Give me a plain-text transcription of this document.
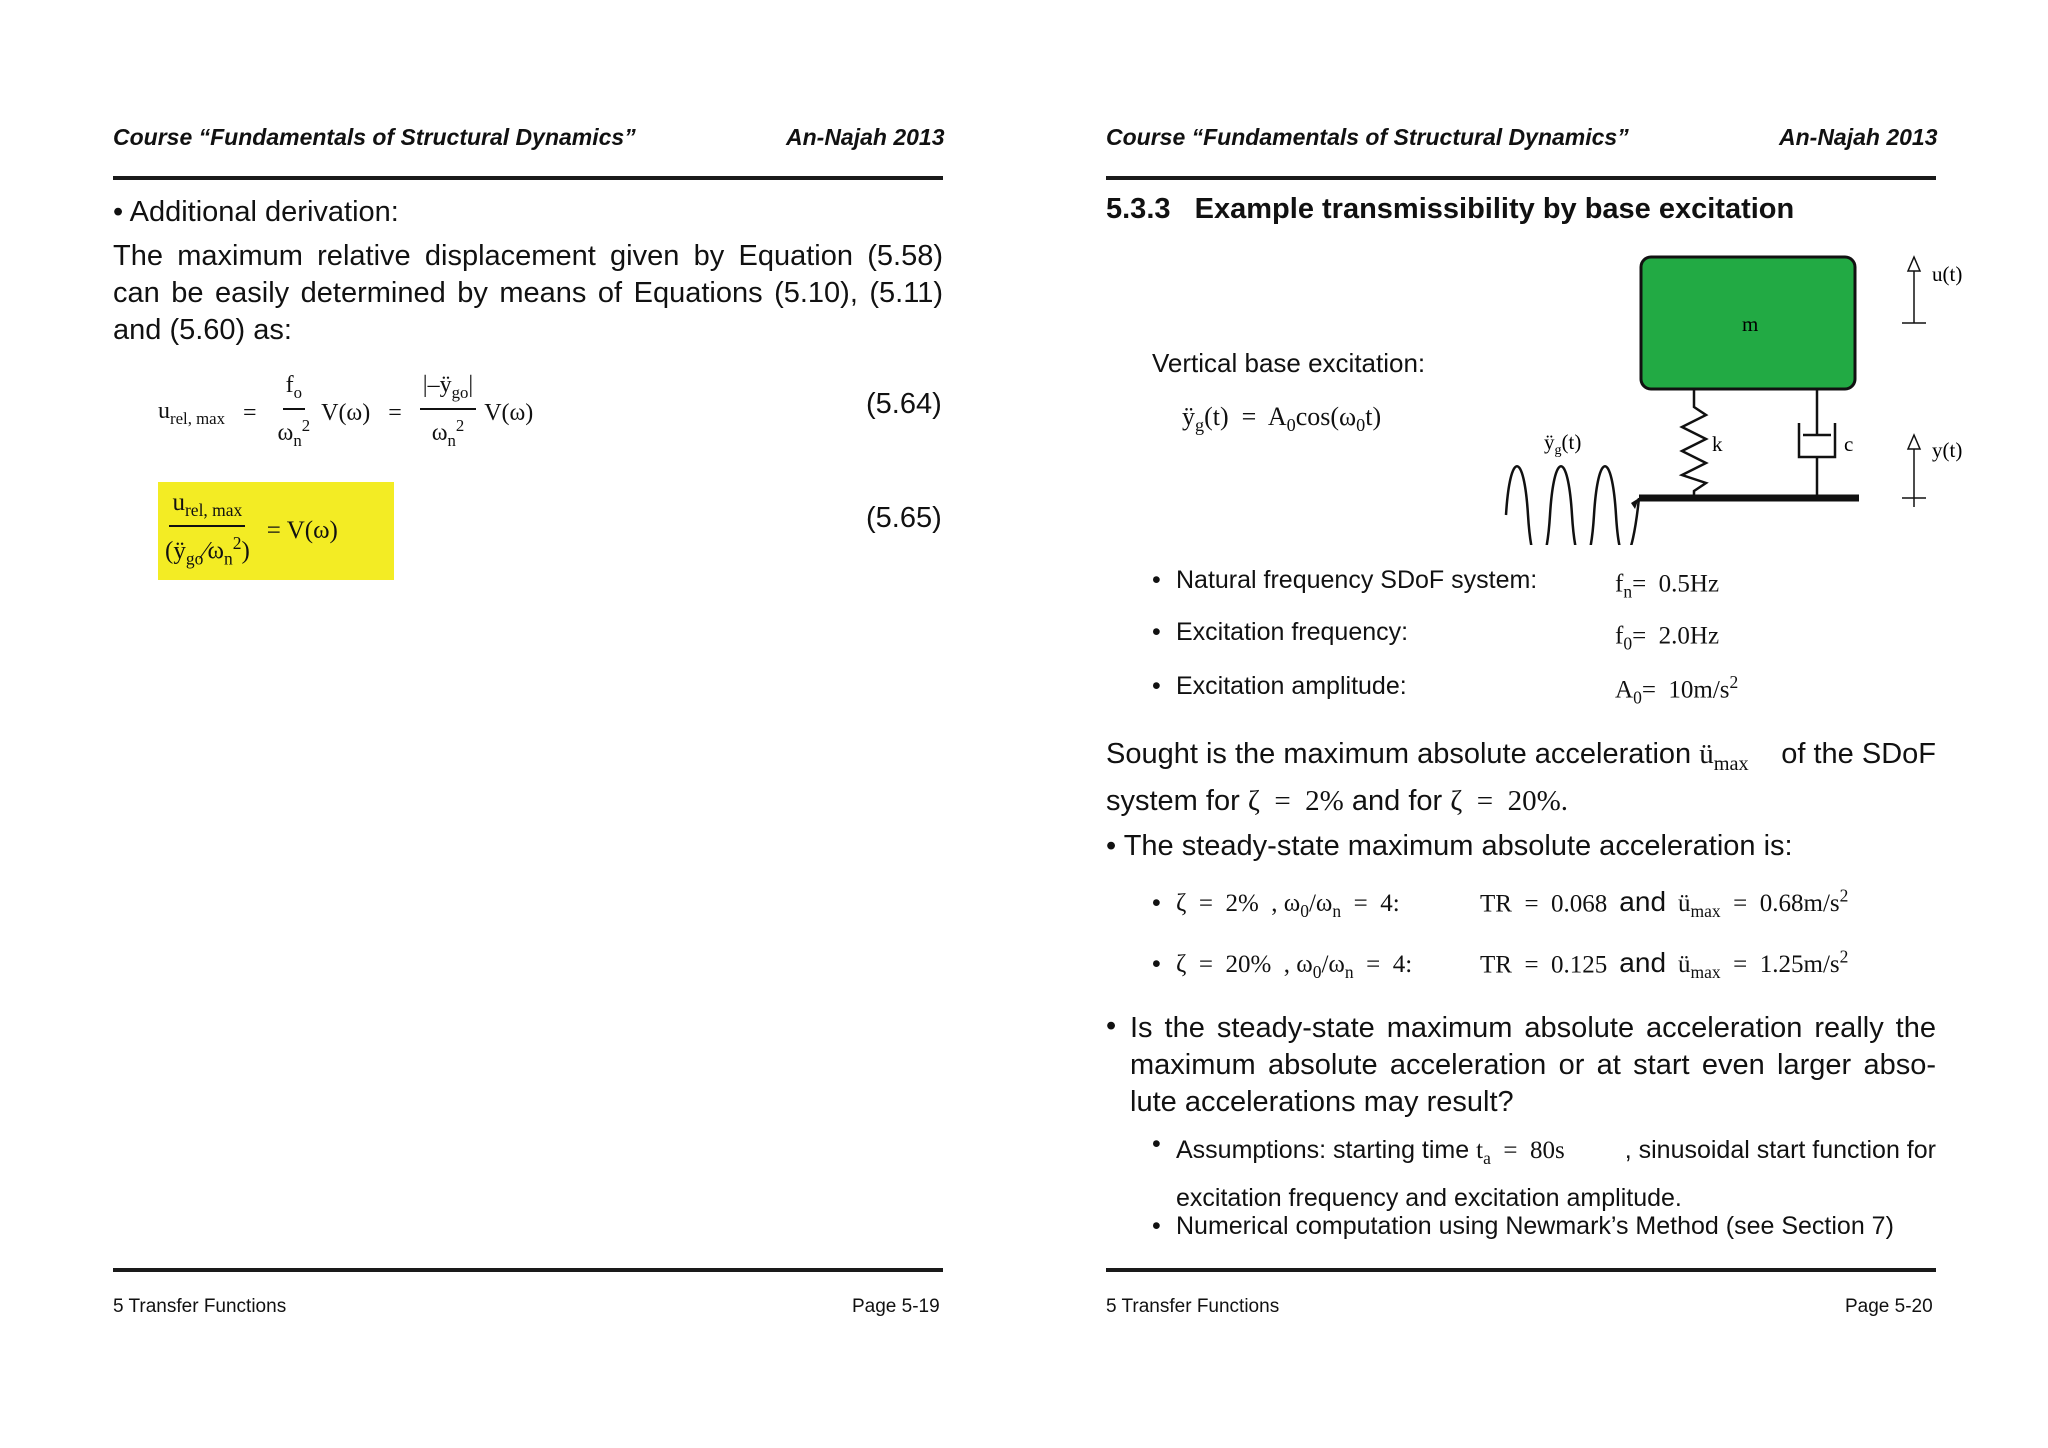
Course “Fundamentals of Structural Dynamics”	An-Najah 2013
• Additional derivation:
The maximum relative displacement given by Equation (5.58) can be easily determined by means of Equations (5.10), (5.11) and (5.60) as:
$u_{rel, max} = \frac{f_o}{\omega_n^2} V(\omega) = \frac{|-ÿ_{go}|}{\omega_n^2} V(\omega)$	(5.64)
$\frac{u_{rel, max}}{(ÿ_{go}⁄\omega_n^2)} = V(\omega)$	(5.65)
5 Transfer Functions	Page 5-19
Course “Fundamentals of Structural Dynamics”	An-Najah 2013
5.3.3   Example transmissibility by base excitation
Vertical base excitation:
$ÿ_g(t) = A_0\cos(\omega_0t)$
m
k	c
$ÿ_g(t)$
u(t)
y(t)
• Natural frequency SDoF system:	$f_n= 0.5Hz$
• Excitation frequency:	$f_0= 2.0Hz$
• Excitation amplitude:	$A_0= 10m/s^2$
Sought is the maximum absolute acceleration $ü_{max}$ of the SDoF
system for ζ  =  2% and for ζ  =  20%.
• The steady-state maximum absolute acceleration is:
• ζ  =  2%  , $\omega_0/\omega_n = 4$:	TR  =  0.068 and $ü_{max} = 0.68m/s^2$
• ζ  =  20%  , $\omega_0/\omega_n = 4$:	TR  =  0.125 and $ü_{max} = 1.25m/s^2$
• Is the steady-state maximum absolute acceleration really the
maximum absolute acceleration or at start even larger abso-
lute accelerations may result?
• Assumptions: starting time $t_a = 80s$ , sinusoidal start function for
excitation frequency and excitation amplitude.
• Numerical computation using Newmark’s Method (see Section 7)
5 Transfer Functions	Page 5-20
